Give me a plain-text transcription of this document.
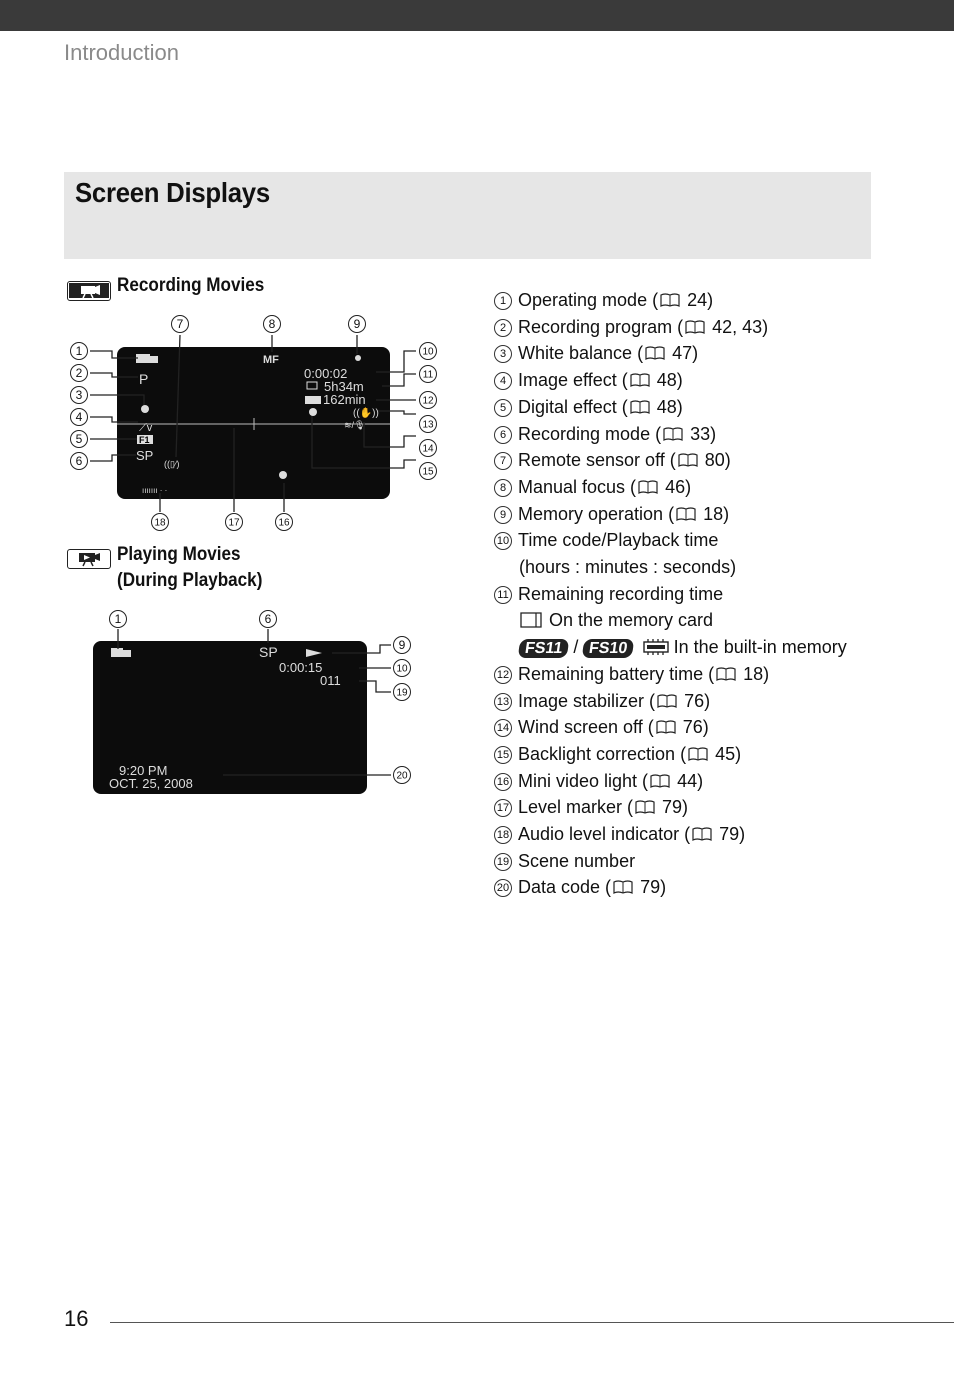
Introduction
Screen Displays
Recording Movies
P
⟋v
F1
SP
MF
0:00:02
5h34m
162min
((✋))
≋/🎙
((▯⁄)
ııııııı · ·
1
2
3
4
5
6
7	8	9
10
11
12
13
14
15
16
17
18
Playing Movies
(During Playback)
SP
0:00:15
011
9:20 PM
OCT. 25, 2008
1	6
9
10
19
20
1 Operating mode ( 24)
2 Recording program ( 42, 43)
3 White balance ( 47)
4 Image effect ( 48)
5 Digital effect ( 48)
6 Recording mode ( 33)
7 Remote sensor off ( 80)
8 Manual focus ( 46)
9 Memory operation ( 18)
10 Time code/Playback time
(hours : minutes : seconds)
11 Remaining recording time
On the memory card
FS11 / FS10 In the built-in memory
12 Remaining battery time ( 18)
13 Image stabilizer ( 76)
14 Wind screen off ( 76)
15 Backlight correction ( 45)
16 Mini video light ( 44)
17 Level marker ( 79)
18 Audio level indicator ( 79)
19 Scene number
20 Data code ( 79)
16
